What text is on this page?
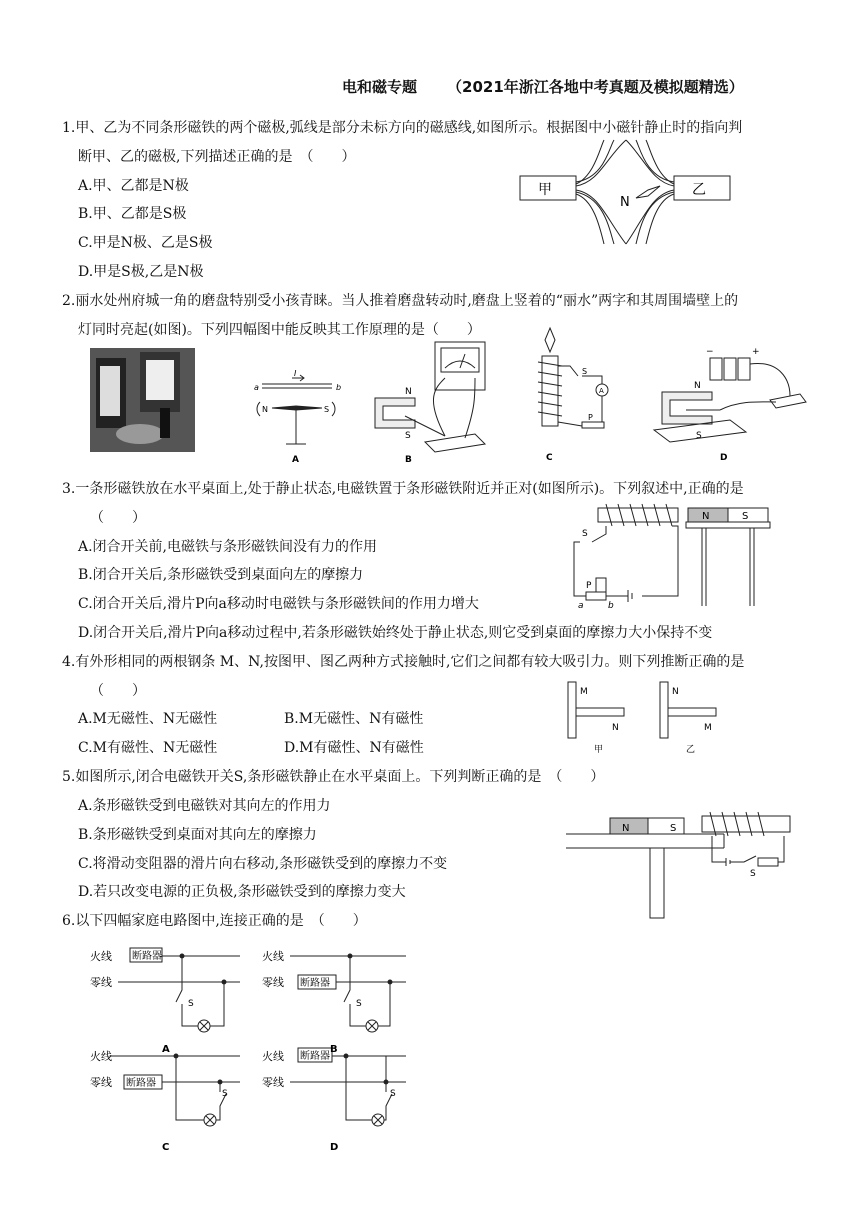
电和磁专题 （2021年浙江各地中考真题及模拟题精选）
1.甲、乙为不同条形磁铁的两个磁极,弧线是部分未标方向的磁感线,如图所示。根据图中小磁针静止时的指向判
断甲、乙的磁极,下列描述正确的是　（　　）
A.甲、乙都是N极
B.甲、乙都是S极
C.甲是N极、乙是S极
D.甲是S极,乙是N极
甲	乙
N
2.丽水处州府城一角的磨盘特别受小孩青睐。当人推着磨盘转动时,磨盘上竖着的“丽水”两字和其周围墙壁上的
灯同时亮起(如图)。下列四幅图中能反映其工作原理的是（　　）
a	b
I
N	S
A
N
S
B
S
A
P
C
−	+
N
S
D
3.一条形磁铁放在水平桌面上,处于静止状态,电磁铁置于条形磁铁附近并正对(如图所示)。下列叙述中,正确的是
（　　）
A.闭合开关前,电磁铁与条形磁铁间没有力的作用
B.闭合开关后,条形磁铁受到桌面向左的摩擦力
C.闭合开关后,滑片P向a移动时电磁铁与条形磁铁间的作用力增大
D.闭合开关后,滑片P向a移动过程中,若条形磁铁始终处于静止状态,则它受到桌面的摩擦力大小保持不变
S
P
a	b
N	S
4.有外形相同的两根钢条 M、N,按图甲、图乙两种方式接触时,它们之间都有较大吸引力。则下列推断正确的是
（　　）
A.M无磁性、N无磁性	B.M无磁性、N有磁性
C.M有磁性、N无磁性	D.M有磁性、N有磁性
M
N
N
M
甲	乙
5.如图所示,闭合电磁铁开关S,条形磁铁静止在水平桌面上。下列判断正确的是　（　　）
A.条形磁铁受到电磁铁对其向左的作用力
B.条形磁铁受到桌面对其向左的摩擦力
C.将滑动变阻器的滑片向右移动,条形磁铁受到的摩擦力不变
D.若只改变电源的正负极,条形磁铁受到的摩擦力变大
N	S
S
6.以下四幅家庭电路图中,连接正确的是　（　　）
火线
零线
断路器
S
A
火线
零线 断路器
S
B
火线
零线 断路器
S
C
火线
零线
断路器
S
D
